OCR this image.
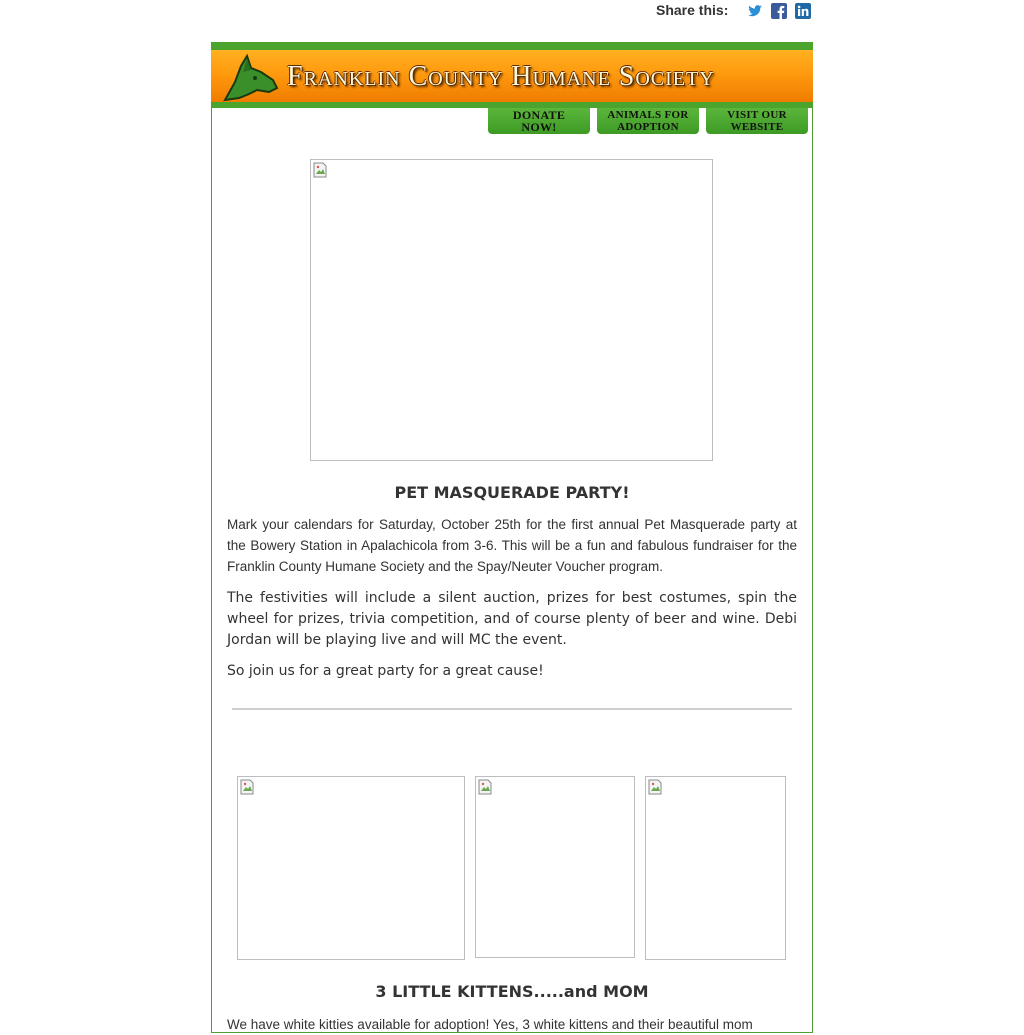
Share this:
Franklin County Humane Society
DONATE NOW!
ANIMALS FOR ADOPTION
VISIT OUR WEBSITE
PET MASQUERADE PARTY!

Mark your calendars for Saturday, October 25th for the first annual Pet Masquerade party at the Bowery Station in Apalachicola from 3-6. This will be a fun and fabulous fundraiser for the Franklin County Humane Society and the Spay/Neuter Voucher program.

The festivities will include a silent auction, prizes for best costumes, spin the wheel for prizes, trivia competition, and of course plenty of beer and wine. Debi Jordan will be playing live and will MC the event.

So join us for a great party for a great cause!

3 LITTLE KITTENS.....and MOM

We have white kitties available for adoption! Yes, 3 white kittens and their beautiful mom
